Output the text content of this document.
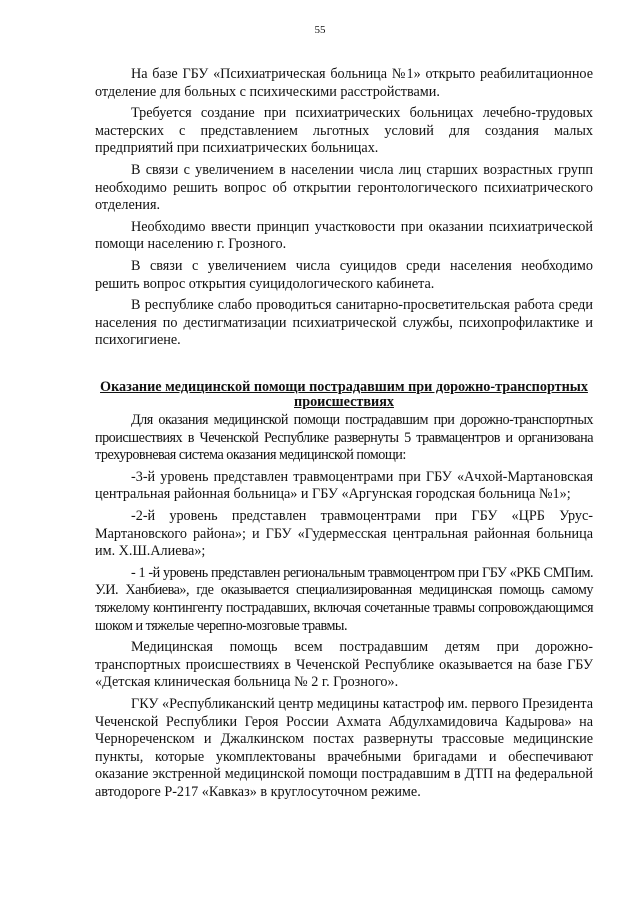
55

На базе ГБУ «Психиатрическая больница №1» открыто реабилитационное отделение для больных с психическими расстройствами.

Требуется создание при психиатрических больницах лечебно-трудовых мастерских с представлением льготных условий для создания малых предприятий при психиатрических больницах.

В связи с увеличением в населении числа лиц старших возрастных групп необходимо решить вопрос об открытии геронтологического психиатрического отделения.

Необходимо ввести принцип участковости при оказании психиатрической помощи населению г. Грозного.

В связи с увеличением числа суицидов среди населения необходимо решить вопрос открытия суицидологического кабинета.

В республике слабо проводиться санитарно-просветительская работа среди населения по дестигматизации психиатрической службы, психопрофилактике и психогигиене.

Оказание медицинской помощи пострадавшим при дорожно-транспортных происшествиях

Для оказания медицинской помощи пострадавшим при дорожно-транспортных происшествиях в Чеченской Республике развернуты 5 травмацентров и организована трехуровневая система оказания медицинской помощи:

-3-й уровень представлен травмоцентрами при ГБУ «Ачхой-Мартановская центральная районная больница» и ГБУ «Аргунская городская больница №1»;

-2-й уровень представлен травмоцентрами при ГБУ «ЦРБ Урус-Мартановского района»; и ГБУ «Гудермесская центральная районная больница им. Х.Ш.Алиева»;

- 1 -й уровень представлен региональным травмоцентром при ГБУ «РКБ СМПим. У.И. Ханбиева», где оказывается специализированная медицинская помощь самому тяжелому контингенту пострадавших, включая сочетанные травмы сопровождающимся шоком и тяжелые черепно-мозговые травмы.

Медицинская помощь всем пострадавшим детям при дорожно-транспортных происшествиях в Чеченской Республике оказывается на базе ГБУ «Детская клиническая больница № 2 г. Грозного».

ГКУ «Республиканский центр медицины катастроф им. первого Президента Чеченской Республики Героя России Ахмата Абдулхамидовича Кадырова» на Чернореченском и Джалкинском постах развернуты трассовые медицинские пункты, которые укомплектованы врачебными бригадами и обеспечивают оказание экстренной медицинской помощи пострадавшим в ДТП на федеральной автодороге Р-217 «Кавказ» в круглосуточном режиме.
